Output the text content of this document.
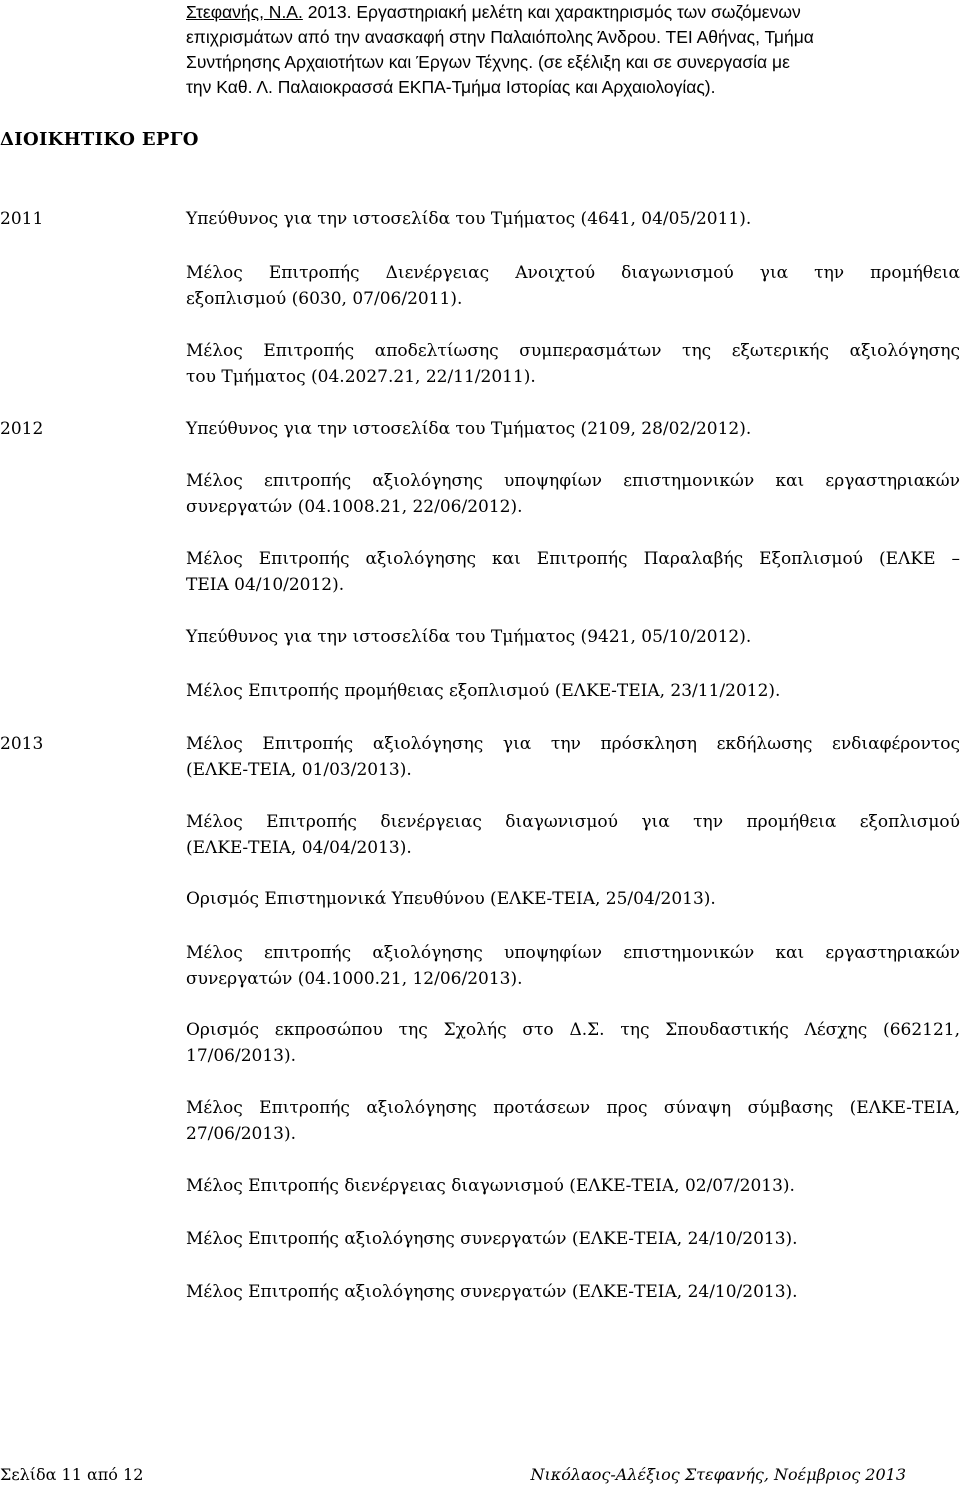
Στεφανής, Ν.Α. 2013. Εργαστηριακή μελέτη και χαρακτηρισμός των σωζόμενων
επιχρισμάτων από την ανασκαφή στην Παλαιόπολης Άνδρου. ΤΕΙ Αθήνας, Τμήμα
Συντήρησης Αρχαιοτήτων και Έργων Τέχνης. (σε εξέλιξη και σε συνεργασία με
την Καθ. Λ. Παλαιοκρασσά ΕΚΠΑ-Τμήμα Ιστορίας και Αρχαιολογίας).
ΔΙΟΙΚΗΤΙΚΟ ΕΡΓΟ
2011	Υπεύθυνος για την ιστοσελίδα του Τμήματος (4641, 04/05/2011).
Μέλος Επιτροπής Διενέργειας Ανοιχτού διαγωνισμού για την προμήθεια
εξοπλισμού (6030, 07/06/2011).
Μέλος Επιτροπής αποδελτίωσης συμπερασμάτων της εξωτερικής αξιολόγησης
του Τμήματος (04.2027.21, 22/11/2011).
2012	Υπεύθυνος για την ιστοσελίδα του Τμήματος (2109, 28/02/2012).
Μέλος επιτροπής αξιολόγησης υποψηφίων επιστημονικών και εργαστηριακών
συνεργατών (04.1008.21, 22/06/2012).
Μέλος Επιτροπής αξιολόγησης και Επιτροπής Παραλαβής Εξοπλισμού (ΕΛΚΕ –
ΤΕΙΑ 04/10/2012).
Υπεύθυνος για την ιστοσελίδα του Τμήματος (9421, 05/10/2012).
Μέλος Επιτροπής προμήθειας εξοπλισμού (ΕΛΚΕ-ΤΕΙΑ, 23/11/2012).
2013	Μέλος Επιτροπής αξιολόγησης για την πρόσκληση εκδήλωσης ενδιαφέροντος
(ΕΛΚΕ-ΤΕΙΑ, 01/03/2013).
Μέλος Επιτροπής διενέργειας διαγωνισμού για την προμήθεια εξοπλισμού
(ΕΛΚΕ-ΤΕΙΑ, 04/04/2013).
Ορισμός Επιστημονικά Υπευθύνου (ΕΛΚΕ-ΤΕΙΑ, 25/04/2013).
Μέλος επιτροπής αξιολόγησης υποψηφίων επιστημονικών και εργαστηριακών
συνεργατών (04.1000.21, 12/06/2013).
Ορισμός εκπροσώπου της Σχολής στο Δ.Σ. της Σπουδαστικής Λέσχης (662121,
17/06/2013).
Μέλος Επιτροπής αξιολόγησης προτάσεων προς σύναψη σύμβασης (ΕΛΚΕ-ΤΕΙΑ,
27/06/2013).
Μέλος Επιτροπής διενέργειας διαγωνισμού (ΕΛΚΕ-ΤΕΙΑ, 02/07/2013).
Μέλος Επιτροπής αξιολόγησης συνεργατών (ΕΛΚΕ-ΤΕΙΑ, 24/10/2013).
Μέλος Επιτροπής αξιολόγησης συνεργατών (ΕΛΚΕ-ΤΕΙΑ, 24/10/2013).
Σελίδα 11 από 12	Νικόλαος-Αλέξιος Στεφανής, Νοέμβριος 2013
